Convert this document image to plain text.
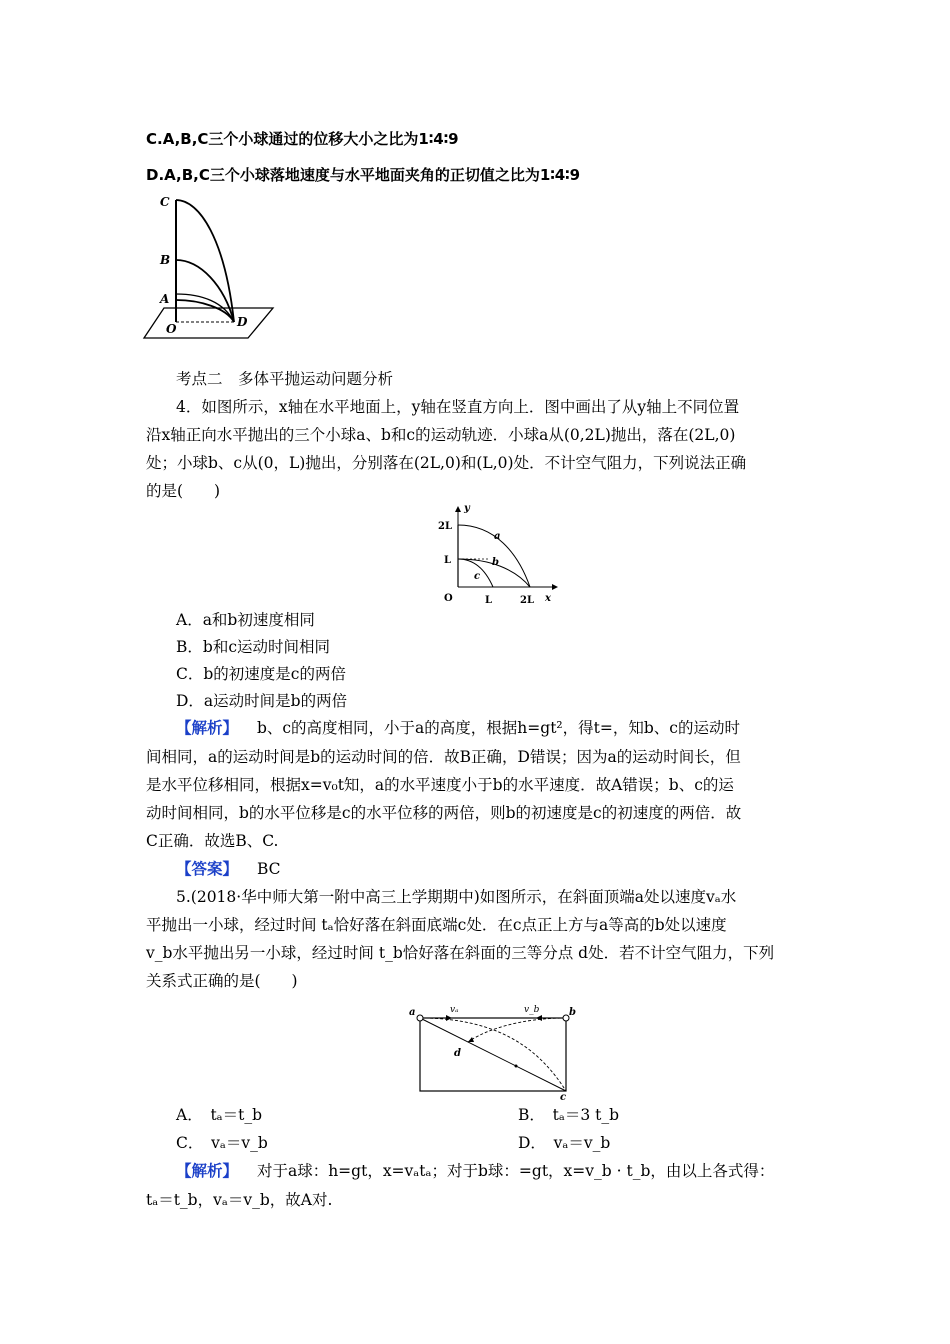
C.A,B,C三个小球通过的位移大小之比为1∶4∶9
D.A,B,C三个小球落地速度与水平地面夹角的正切值之比为1∶4∶9
C
B
A
O	D
考点二　多体平抛运动问题分析
4．如图所示，x轴在水平地面上，y轴在竖直方向上．图中画出了从y轴上不同位置
沿x轴正向水平抛出的三个小球a、b和c的运动轨迹．小球a从(0,2L)抛出，落在(2L,0)
处；小球b、c从(0，L)抛出，分别落在(2L,0)和(L,0)处．不计空气阻力，下列说法正确
的是(　　)
y
x
2L
L
O	L	2L
a
b
c
A．a和b初速度相同
B．b和c运动时间相同
C．b的初速度是c的两倍
D．a运动时间是b的两倍
【解析】 b、c的高度相同，小于a的高度，根据h=gt²，得t=，知b、c的运动时
间相同，a的运动时间是b的运动时间的倍．故B正确，D错误；因为a的运动时间长，但
是水平位移相同，根据x=v₀t知，a的水平速度小于b的水平速度．故A错误；b、c的运
动时间相同，b的水平位移是c的水平位移的两倍，则b的初速度是c的初速度的两倍．故
C正确．故选B、C.
【答案】 BC
5.(2018·华中师大第一附中高三上学期期中)如图所示，在斜面顶端a处以速度vₐ水
平抛出一小球，经过时间 tₐ恰好落在斜面底端c处．在c点正上方与a等高的b处以速度
v_b水平抛出另一小球，经过时间 t_b恰好落在斜面的三等分点 d处．若不计空气阻力，下列
关系式正确的是(　　)
a	vₐ	v_b	b
d
c
A．　tₐ＝t_b	B．　tₐ＝3 t_b
C．　vₐ＝v_b	D．　vₐ＝v_b
【解析】 对于a球：h=gt，x=vₐtₐ；对于b球：=gt，x=v_b · t_b，由以上各式得：
tₐ＝t_b，vₐ＝v_b，故A对.
